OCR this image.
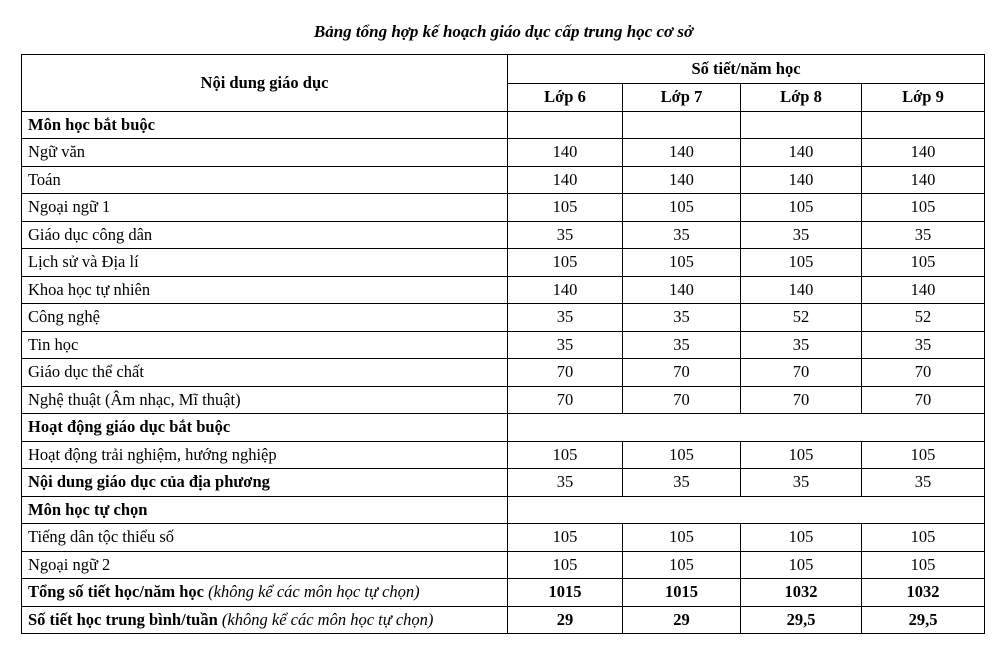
Bảng tổng hợp kế hoạch giáo dục cấp trung học cơ sở
Nội dung giáo dục	Số tiết/năm học			
	Lớp 6	Lớp 7	Lớp 8	Lớp 9
Môn học bắt buộc				
Ngữ văn	140	140	140	140
Toán	140	140	140	140
Ngoại ngữ 1	105	105	105	105
Giáo dục công dân	35	35	35	35
Lịch sử và Địa lí	105	105	105	105
Khoa học tự nhiên	140	140	140	140
Công nghệ	35	35	52	52
Tin học	35	35	35	35
Giáo dục thể chất	70	70	70	70
Nghệ thuật (Âm nhạc, Mĩ thuật)	70	70	70	70
Hoạt động giáo dục bắt buộc				
Hoạt động trải nghiệm, hướng nghiệp	105	105	105	105
Nội dung giáo dục của địa phương	35	35	35	35
Môn học tự chọn				
Tiếng dân tộc thiểu số	105	105	105	105
Ngoại ngữ 2	105	105	105	105
Tổng số tiết học/năm học (không kể các môn học tự chọn)	1015	1015	1032	1032
Số tiết học trung bình/tuần (không kể các môn học tự chọn)	29	29	29,5	29,5
